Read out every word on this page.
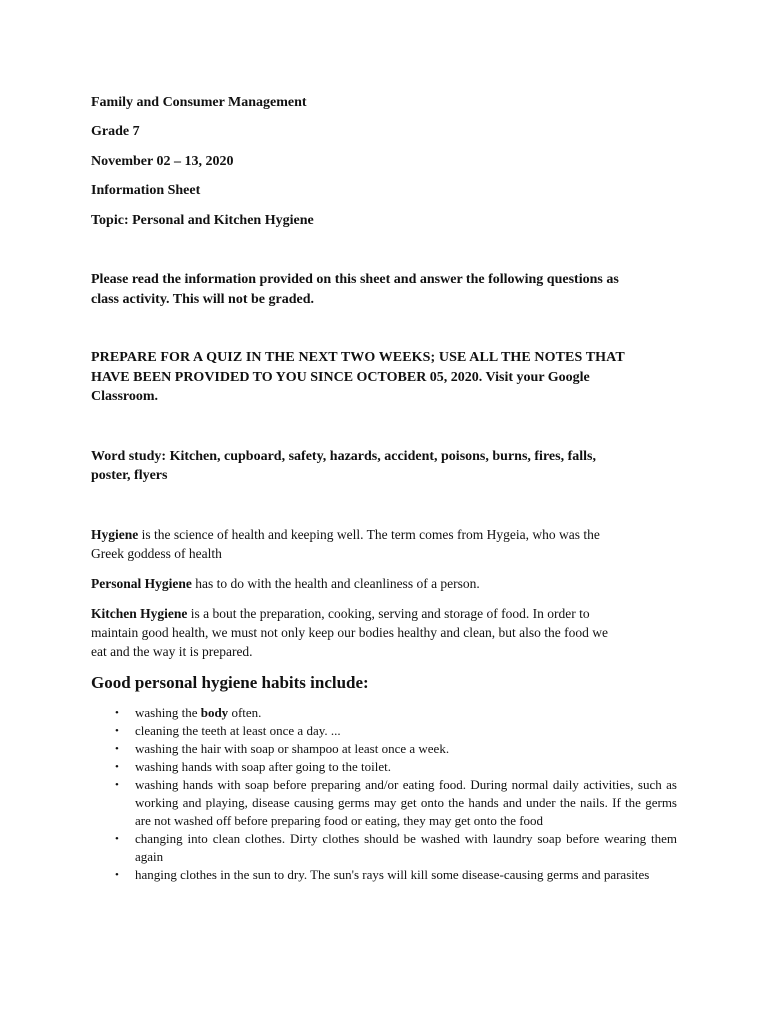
Family and Consumer Management

Grade 7

November 02 – 13, 2020

Information Sheet

Topic: Personal and Kitchen Hygiene

Please read the information provided on this sheet and answer the following questions as

class activity. This will not be graded.

PREPARE FOR A QUIZ IN THE NEXT TWO WEEKS; USE ALL THE NOTES THAT

HAVE BEEN PROVIDED TO YOU SINCE OCTOBER 05, 2020. Visit your Google

Classroom.

Word study: Kitchen, cupboard, safety, hazards, accident, poisons, burns, fires, falls,

poster, flyers

Hygiene is the science of health and keeping well. The term comes from Hygeia, who was the

Greek goddess of health

Personal Hygiene has to do with the health and cleanliness of a person.

Kitchen Hygiene is a bout the preparation, cooking, serving and storage of food. In order to

maintain good health, we must not only keep our bodies healthy and clean, but also the food we

eat and the way it is prepared.

Good personal hygiene habits include:
• washing the body often.
• cleaning the teeth at least once a day. ...
• washing the hair with soap or shampoo at least once a week.
• washing hands with soap after going to the toilet.
• washing hands with soap before preparing and/or eating food. During normal daily activities, such as working and playing, disease causing germs may get onto the hands and under the nails. If the germs are not washed off before preparing food or eating, they may get onto the food
• changing into clean clothes. Dirty clothes should be washed with laundry soap before wearing them again
• hanging clothes in the sun to dry. The sun's rays will kill some disease-causing germs and parasites
